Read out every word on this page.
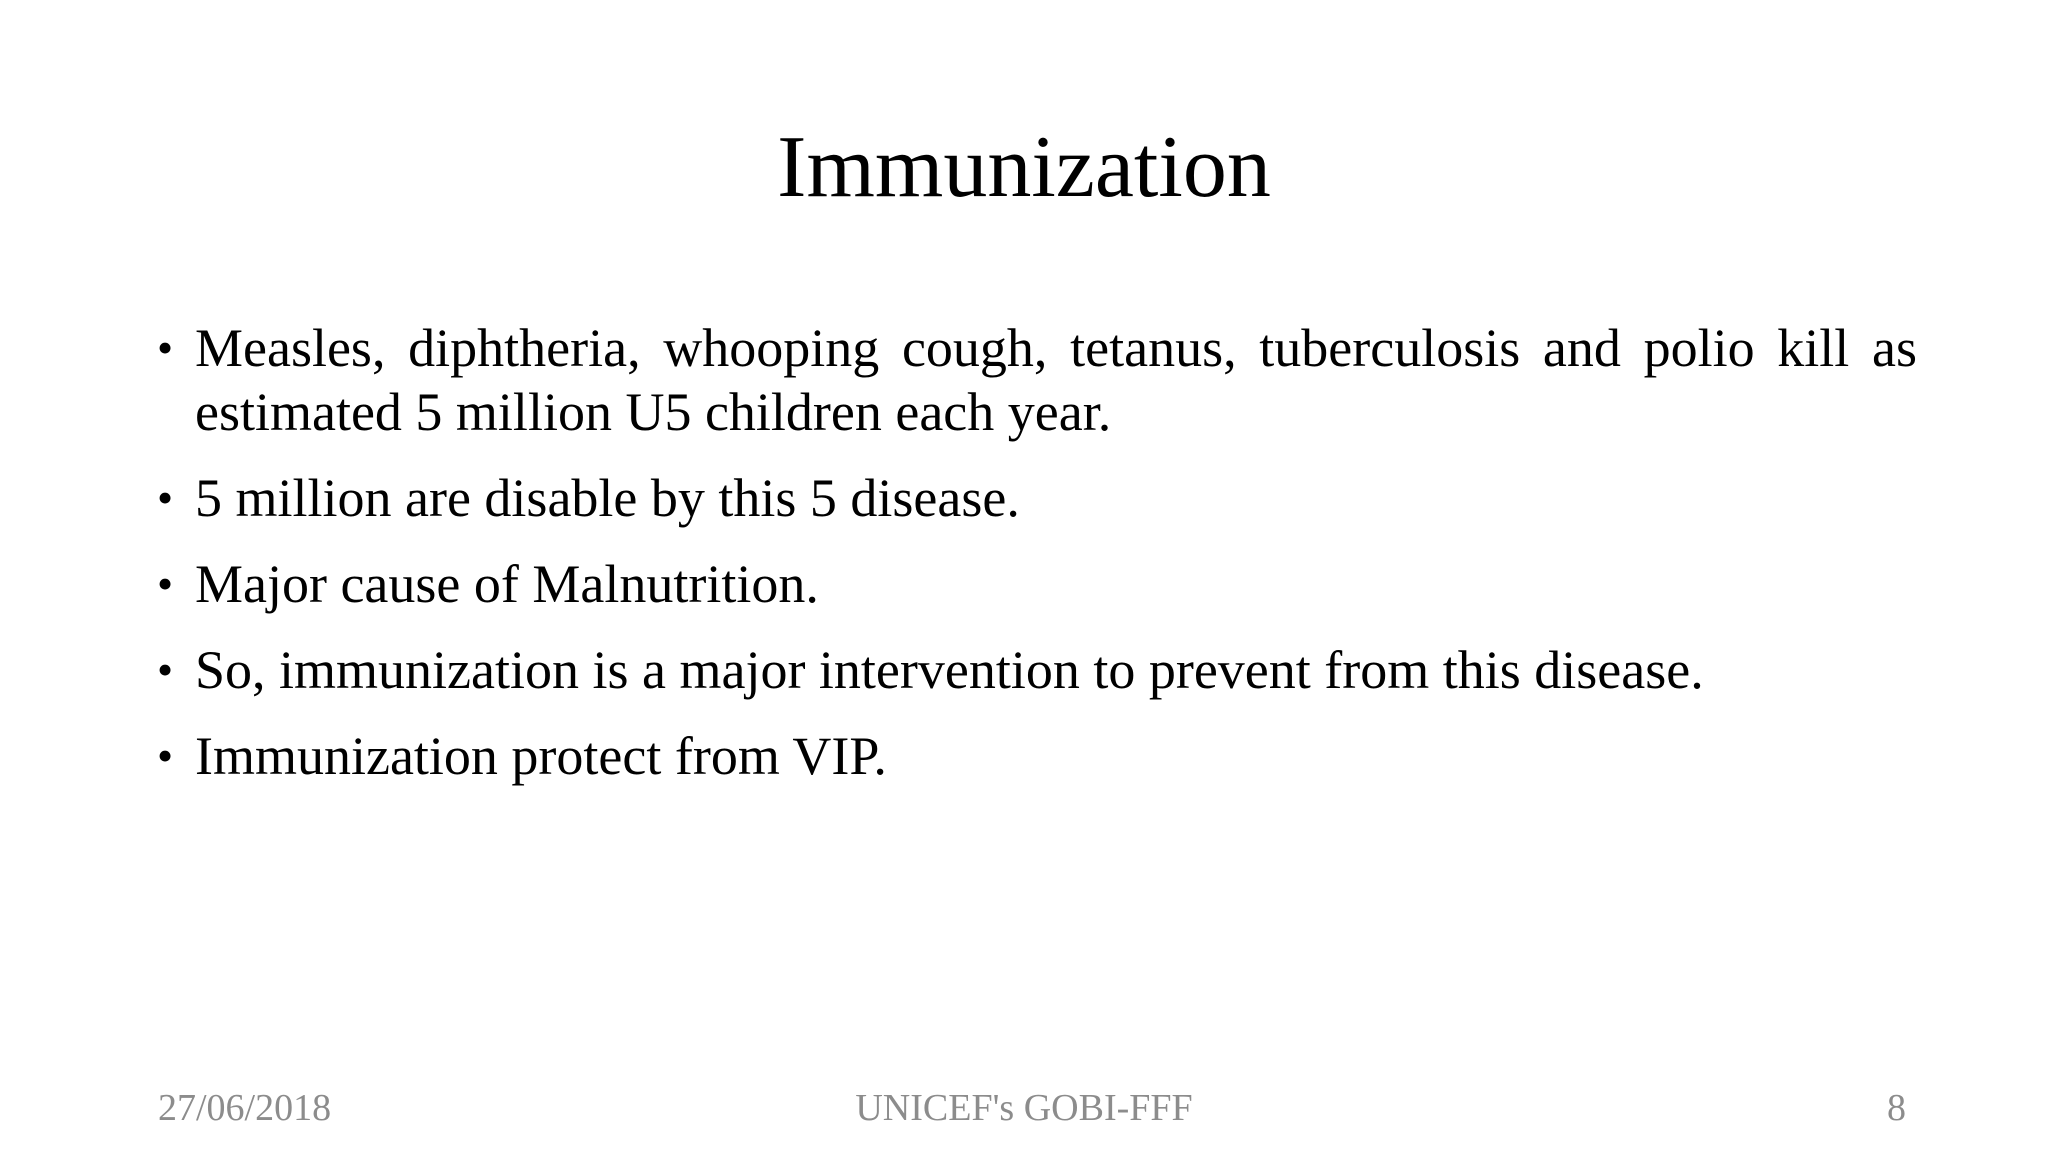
Immunization
• Measles, diphtheria, whooping cough, tetanus, tuberculosis and polio kill as estimated 5 million U5 children each year.
• 5 million are disable by this 5 disease.
• Major cause of Malnutrition.
• So, immunization is a major intervention to prevent from this disease.
• Immunization protect from VIP.
27/06/2018	UNICEF's GOBI-FFF	8
